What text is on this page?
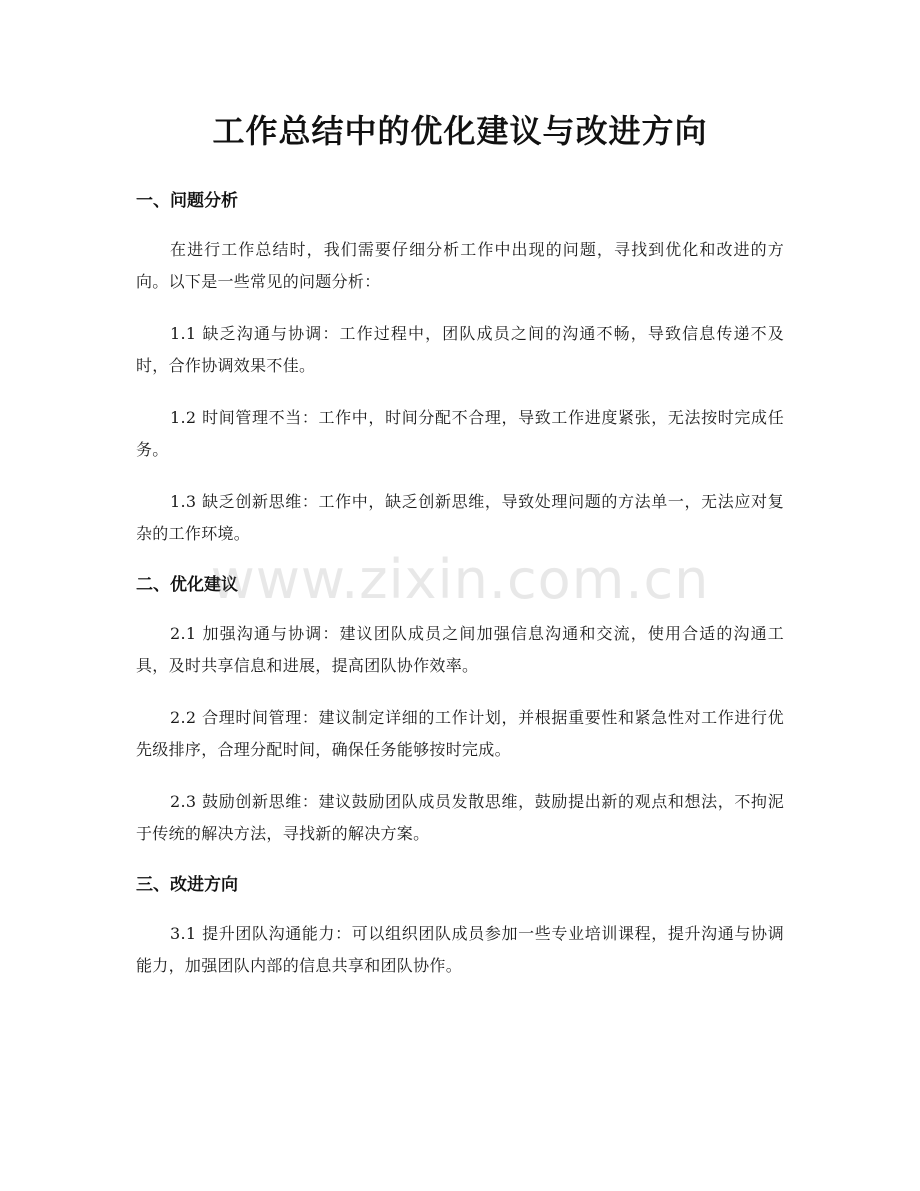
工作总结中的优化建议与改进方向
一、问题分析

在进行工作总结时，我们需要仔细分析工作中出现的问题，寻找到优化和改进的方向。以下是一些常见的问题分析：

1.1 缺乏沟通与协调：工作过程中，团队成员之间的沟通不畅，导致信息传递不及时，合作协调效果不佳。

1.2 时间管理不当：工作中，时间分配不合理，导致工作进度紧张，无法按时完成任务。

1.3 缺乏创新思维：工作中，缺乏创新思维，导致处理问题的方法单一，无法应对复杂的工作环境。

二、优化建议

2.1 加强沟通与协调：建议团队成员之间加强信息沟通和交流，使用合适的沟通工具，及时共享信息和进展，提高团队协作效率。

2.2 合理时间管理：建议制定详细的工作计划，并根据重要性和紧急性对工作进行优先级排序，合理分配时间，确保任务能够按时完成。

2.3 鼓励创新思维：建议鼓励团队成员发散思维，鼓励提出新的观点和想法，不拘泥于传统的解决方法，寻找新的解决方案。

三、改进方向

3.1 提升团队沟通能力：可以组织团队成员参加一些专业培训课程，提升沟通与协调能力，加强团队内部的信息共享和团队协作。

www.zixin.com.cn
